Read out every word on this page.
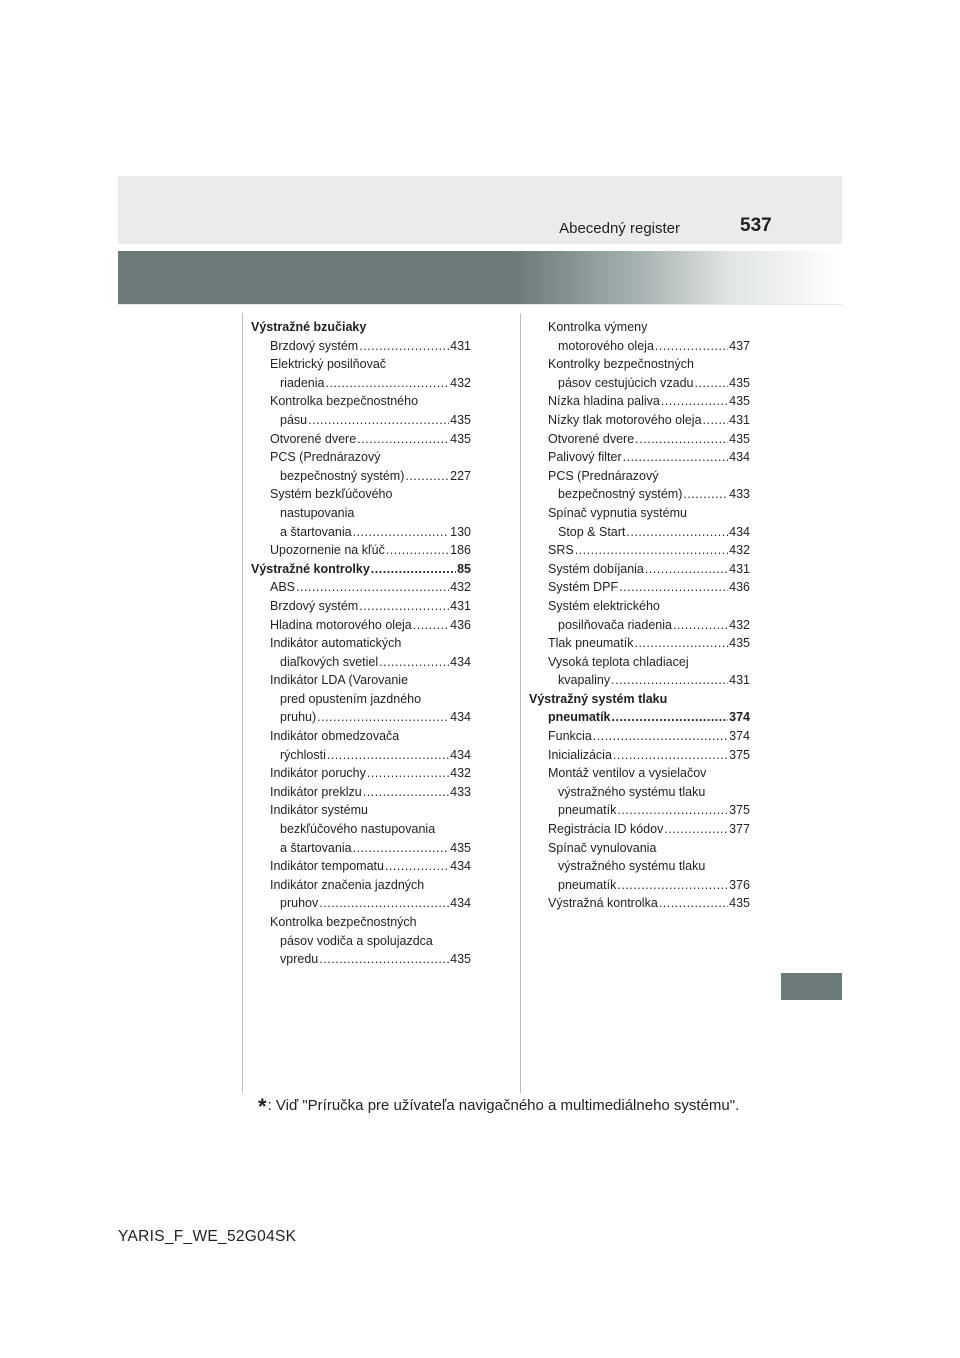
Abecedný register	537
Výstražné bzučiaky
Brzdový systém .....	431
Elektrický posilňovač
riadenia .....	432
Kontrolka bezpečnostného
pásu .....	435
Otvorené dvere .....	435
PCS (Prednárazový
bezpečnostný systém) .....	227
Systém bezkľúčového
nastupovania
a štartovania .....	130
Upozornenie na kľúč .....	186
Výstražné kontrolky .....	85
ABS .....	432
Brzdový systém .....	431
Hladina motorového oleja .....	436
Indikátor automatických
diaľkových svetiel .....	434
Indikátor LDA (Varovanie
pred opustením jazdného
pruhu) .....	434
Indikátor obmedzovača
rýchlosti .....	434
Indikátor poruchy .....	432
Indikátor preklzu .....	433
Indikátor systému
bezkľúčového nastupovania
a štartovania .....	435
Indikátor tempomatu .....	434
Indikátor značenia jazdných
pruhov .....	434
Kontrolka bezpečnostných
pásov vodiča a spolujazdca
vpredu .....	435
Kontrolka výmeny
motorového oleja .....	437
Kontrolky bezpečnostných
pásov cestujúcich vzadu .....	435
Nízka hladina paliva .....	435
Nízky tlak motorového oleja ..... 431
Otvorené dvere .....	435
Palivový filter .....	434
PCS (Prednárazový
bezpečnostný systém) .....	433
Spínač vypnutia systému
Stop & Start .....	434
SRS .....	432
Systém dobíjania .....	431
Systém DPF .....	436
Systém elektrického
posilňovača riadenia .....	432
Tlak pneumatík .....	435
Vysoká teplota chladiacej
kvapaliny .....	431
Výstražný systém tlaku
pneumatík .....	374
Funkcia .....	374
Inicializácia .....	375
Montáž ventilov a vysielačov
výstražného systému tlaku
pneumatík .....	375
Registrácia ID kódov .....	377
Spínač vynulovania
výstražného systému tlaku
pneumatík .....	376
Výstražná kontrolka .....	435
*: Viď "Príručka pre užívateľa navigačného a multimediálneho systému".
YARIS_F_WE_52G04SK
